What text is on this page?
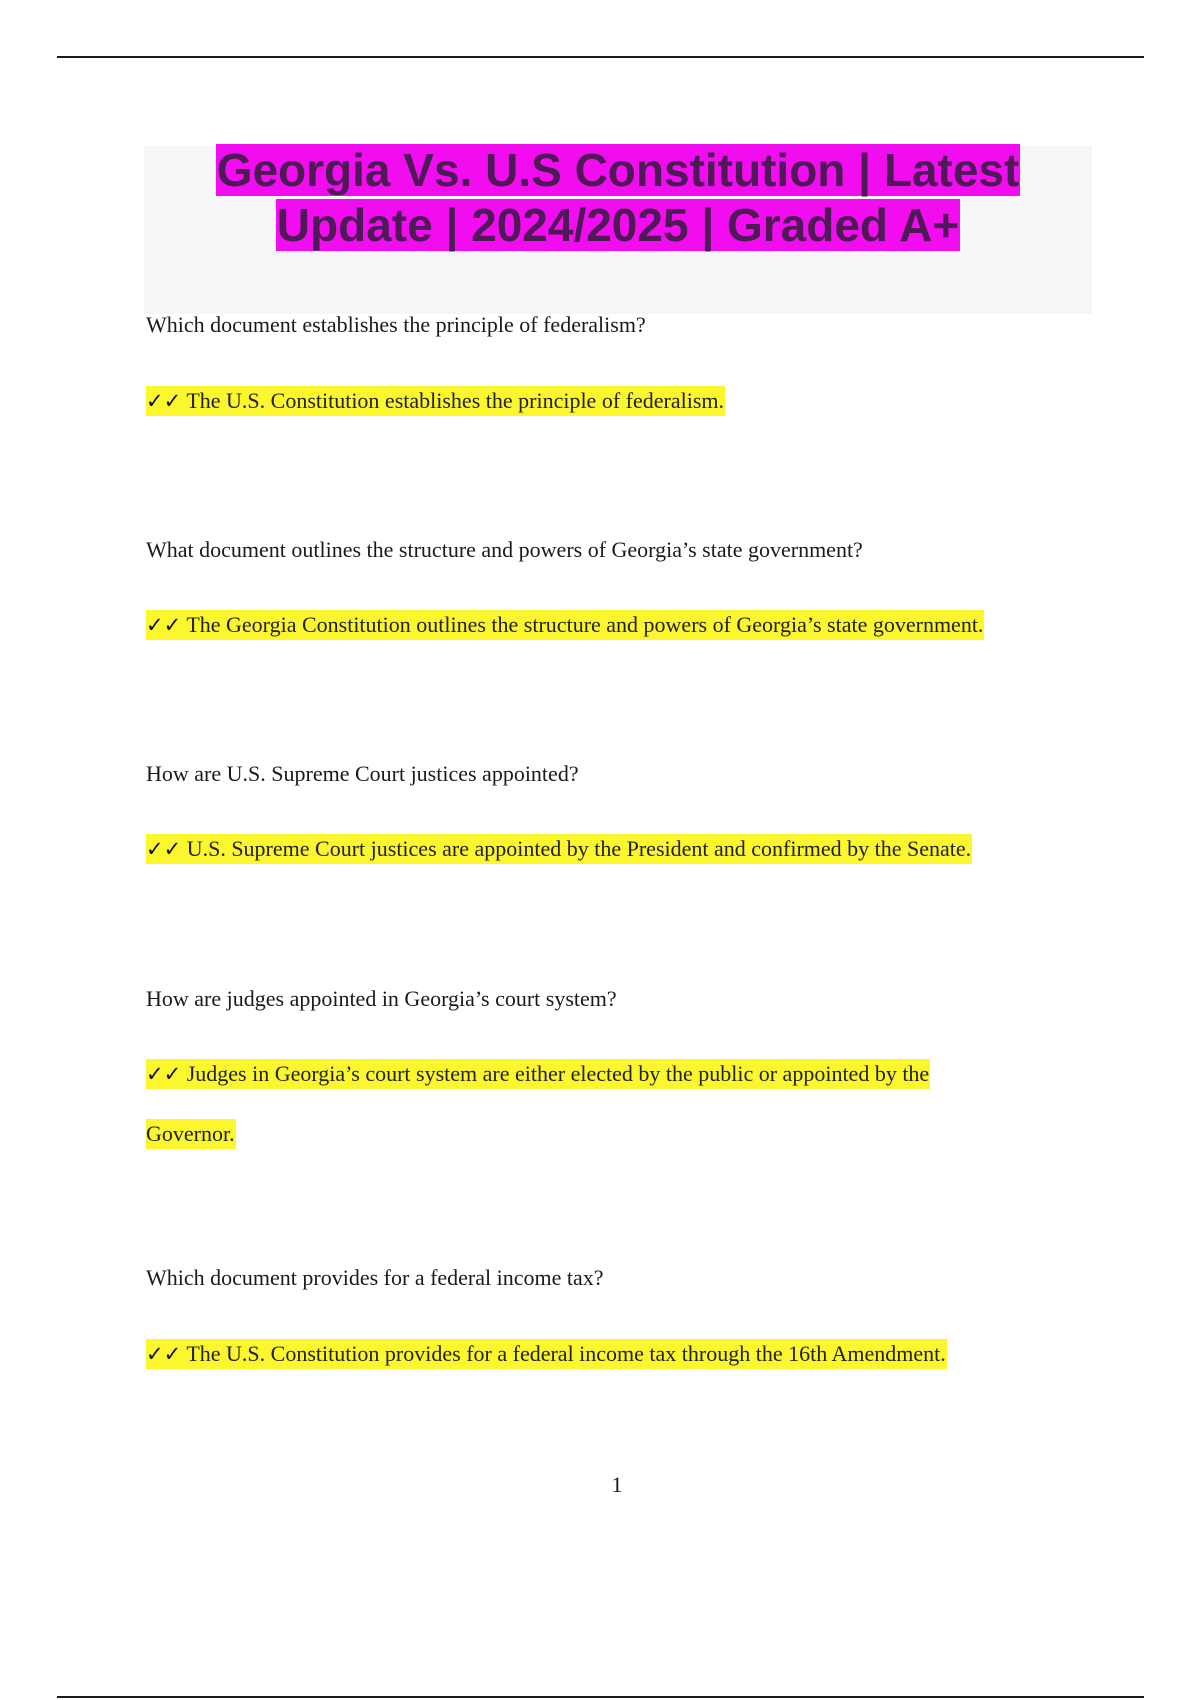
Georgia Vs. U.S Constitution | Latest
Update | 2024/2025 | Graded A+

Which document establishes the principle of federalism?

✓✓ The U.S. Constitution establishes the principle of federalism.

What document outlines the structure and powers of Georgia’s state government?

✓✓ The Georgia Constitution outlines the structure and powers of Georgia’s state government.

How are U.S. Supreme Court justices appointed?

✓✓ U.S. Supreme Court justices are appointed by the President and confirmed by the Senate.

How are judges appointed in Georgia’s court system?

✓✓ Judges in Georgia’s court system are either elected by the public or appointed by the

Governor.

Which document provides for a federal income tax?

✓✓ The U.S. Constitution provides for a federal income tax through the 16th Amendment.

1
